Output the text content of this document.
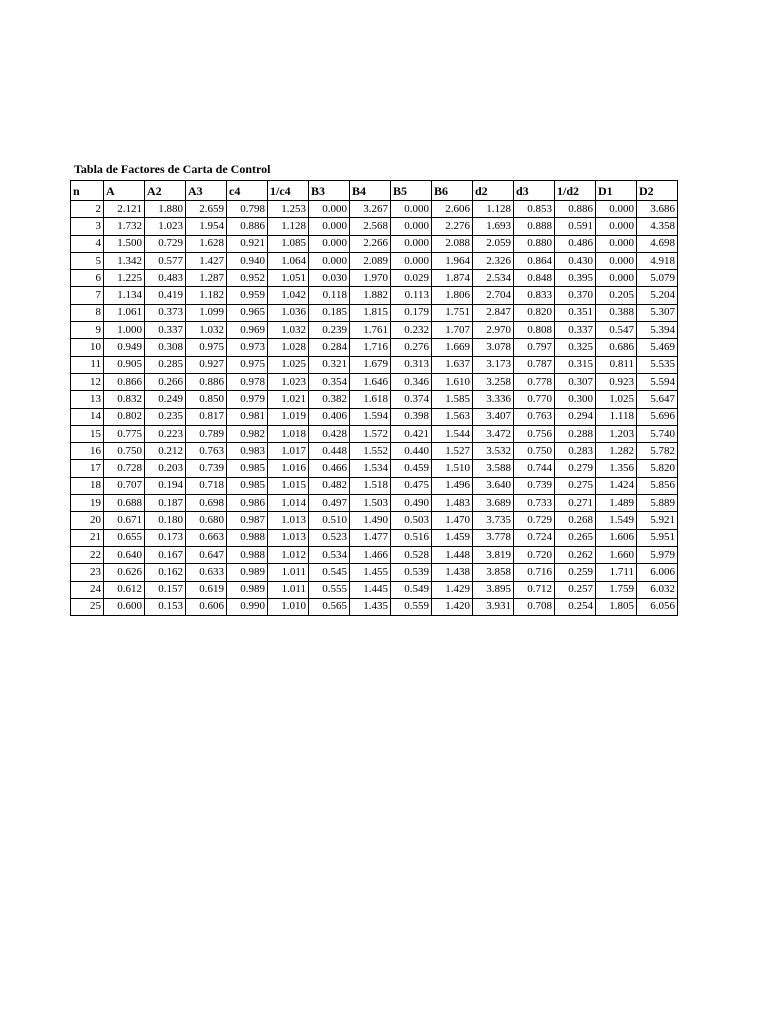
Tabla de Factores de Carta de Control
n	A	A2	A3	c4	1/c4	B3	B4	B5	B6	d2	d3	1/d2	D1	D2
2	2.121	1.880	2.659	0.798	1.253	0.000	3.267	0.000	2.606	1.128	0.853	0.886	0.000	3.686
3	1.732	1.023	1.954	0.886	1.128	0.000	2.568	0.000	2.276	1.693	0.888	0.591	0.000	4.358
4	1.500	0.729	1.628	0.921	1.085	0.000	2.266	0.000	2.088	2.059	0.880	0.486	0.000	4.698
5	1.342	0.577	1.427	0.940	1.064	0.000	2.089	0.000	1.964	2.326	0.864	0.430	0.000	4.918
6	1.225	0.483	1.287	0.952	1.051	0.030	1.970	0.029	1.874	2.534	0.848	0.395	0.000	5.079
7	1.134	0.419	1.182	0.959	1.042	0.118	1.882	0.113	1.806	2.704	0.833	0.370	0.205	5.204
8	1.061	0.373	1.099	0.965	1.036	0.185	1.815	0.179	1.751	2.847	0.820	0.351	0.388	5.307
9	1.000	0.337	1.032	0.969	1.032	0.239	1.761	0.232	1.707	2.970	0.808	0.337	0.547	5.394
10	0.949	0.308	0.975	0.973	1.028	0.284	1.716	0.276	1.669	3.078	0.797	0.325	0.686	5.469
11	0.905	0.285	0.927	0.975	1.025	0.321	1.679	0.313	1.637	3.173	0.787	0.315	0.811	5.535
12	0.866	0.266	0.886	0.978	1.023	0.354	1.646	0.346	1.610	3.258	0.778	0.307	0.923	5.594
13	0.832	0.249	0.850	0.979	1.021	0.382	1.618	0.374	1.585	3.336	0.770	0.300	1.025	5.647
14	0.802	0.235	0.817	0.981	1.019	0.406	1.594	0.398	1.563	3.407	0.763	0.294	1.118	5.696
15	0.775	0.223	0.789	0.982	1.018	0.428	1.572	0.421	1.544	3.472	0.756	0.288	1.203	5.740
16	0.750	0.212	0.763	0.983	1.017	0.448	1.552	0.440	1.527	3.532	0.750	0.283	1.282	5.782
17	0.728	0.203	0.739	0.985	1.016	0.466	1.534	0.459	1.510	3.588	0.744	0.279	1.356	5.820
18	0.707	0.194	0.718	0.985	1.015	0.482	1.518	0.475	1.496	3.640	0.739	0.275	1.424	5.856
19	0.688	0.187	0.698	0.986	1.014	0.497	1.503	0.490	1.483	3.689	0.733	0.271	1.489	5.889
20	0.671	0.180	0.680	0.987	1.013	0.510	1.490	0.503	1.470	3.735	0.729	0.268	1.549	5.921
21	0.655	0.173	0.663	0.988	1.013	0.523	1.477	0.516	1.459	3.778	0.724	0.265	1.606	5.951
22	0.640	0.167	0.647	0.988	1.012	0.534	1.466	0.528	1.448	3.819	0.720	0.262	1.660	5.979
23	0.626	0.162	0.633	0.989	1.011	0.545	1.455	0.539	1.438	3.858	0.716	0.259	1.711	6.006
24	0.612	0.157	0.619	0.989	1.011	0.555	1.445	0.549	1.429	3.895	0.712	0.257	1.759	6.032
25	0.600	0.153	0.606	0.990	1.010	0.565	1.435	0.559	1.420	3.931	0.708	0.254	1.805	6.056
